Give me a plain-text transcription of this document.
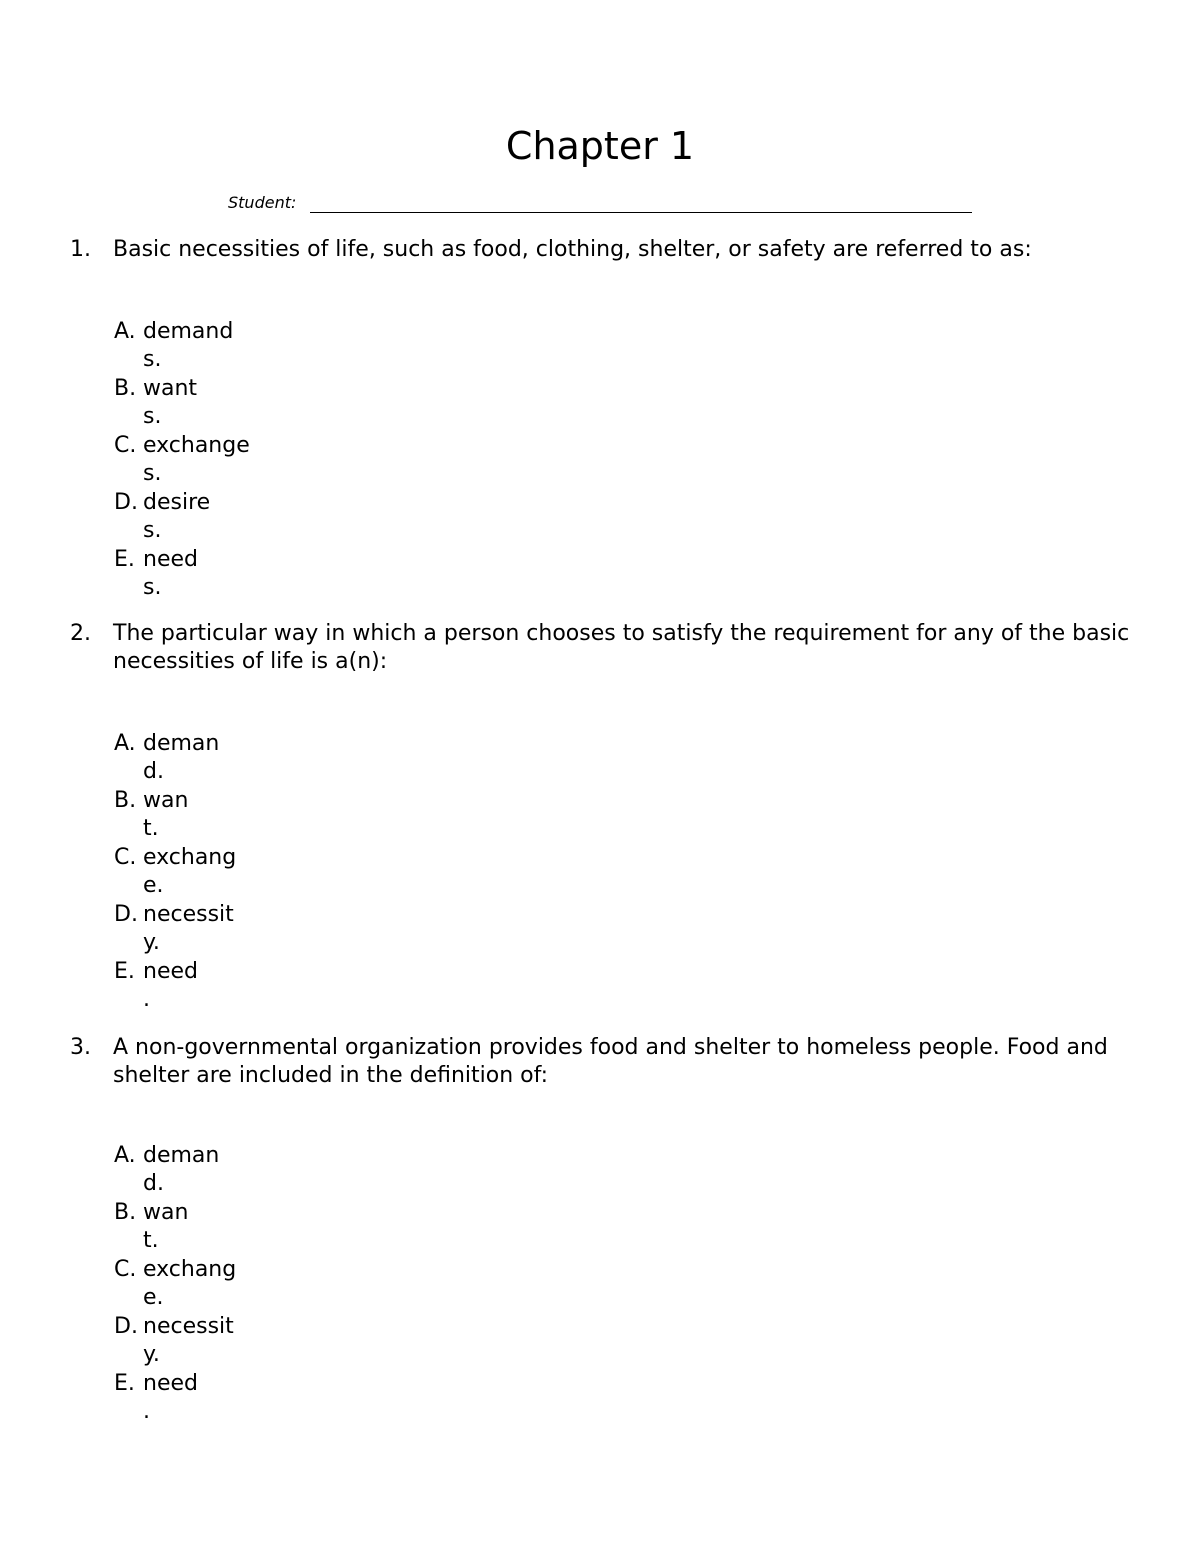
Chapter 1
Student:
1. Basic necessities of life, such as food, clothing, shelter, or safety are referred to as:
A. demand
s.
B. want
s.
C. exchange
s.
D. desire
s.
E. need
s.
2. The particular way in which a person chooses to satisfy the requirement for any of the basic necessities of life is a(n):
A. deman
d.
B. wan
t.
C. exchang
e.
D. necessit
y.
E. need
.
3. A non-governmental organization provides food and shelter to homeless people. Food and shelter are included in the definition of:
A. deman
d.
B. wan
t.
C. exchang
e.
D. necessit
y.
E. need
.
